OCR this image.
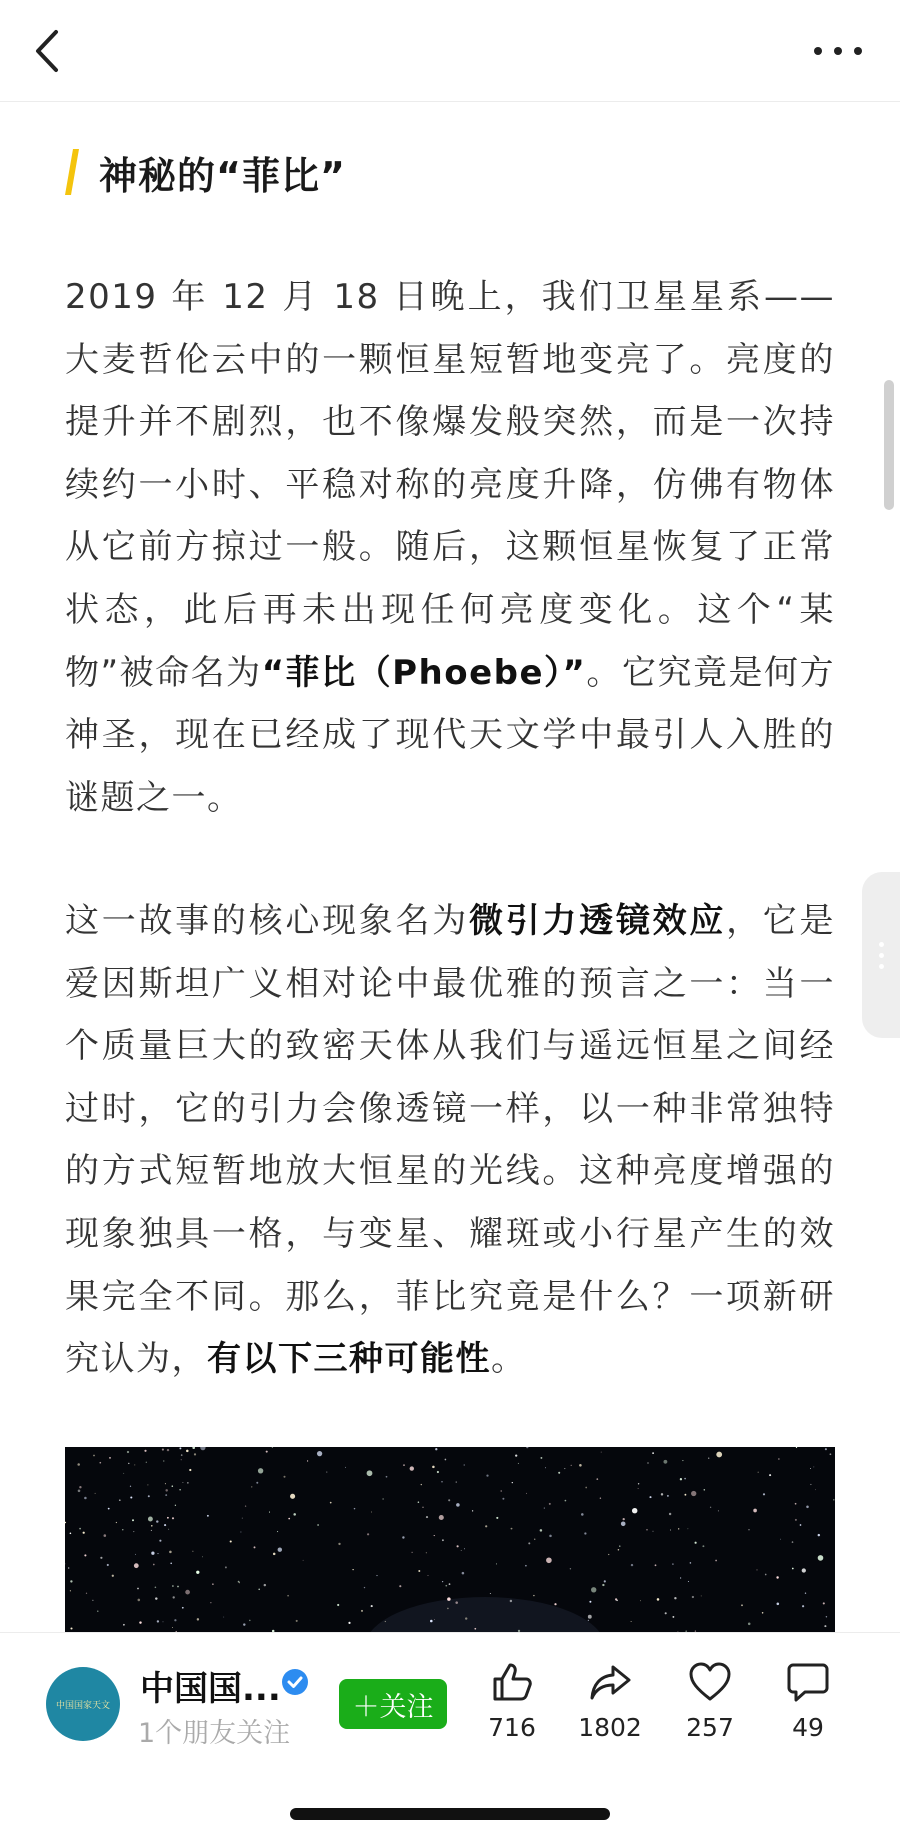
神秘的“菲比”

2019 年 12 月 18 日晚上，我们卫星星系——大麦哲伦云中的一颗恒星短暂地变亮了。亮度的提升并不剧烈，也不像爆发般突然，而是一次持续约一小时、平稳对称的亮度升降，仿佛有物体从它前方掠过一般。随后，这颗恒星恢复了正常状态，此后再未出现任何亮度变化。这个“某物”被命名为“菲比（Phoebe）”。它究竟是何方神圣，现在已经成了现代天文学中最引人入胜的谜题之一。

这一故事的核心现象名为微引力透镜效应，它是爱因斯坦广义相对论中最优雅的预言之一：当一个质量巨大的致密天体从我们与遥远恒星之间经过时，它的引力会像透镜一样，以一种非常独特的方式短暂地放大恒星的光线。这种亮度增强的现象独具一格，与变星、耀斑或小行星产生的效果完全不同。那么，菲比究竟是什么？一项新研究认为，有以下三种可能性。

中国国家天文 中国国...
1个朋友关注
＋关注
716	1802	257	49
